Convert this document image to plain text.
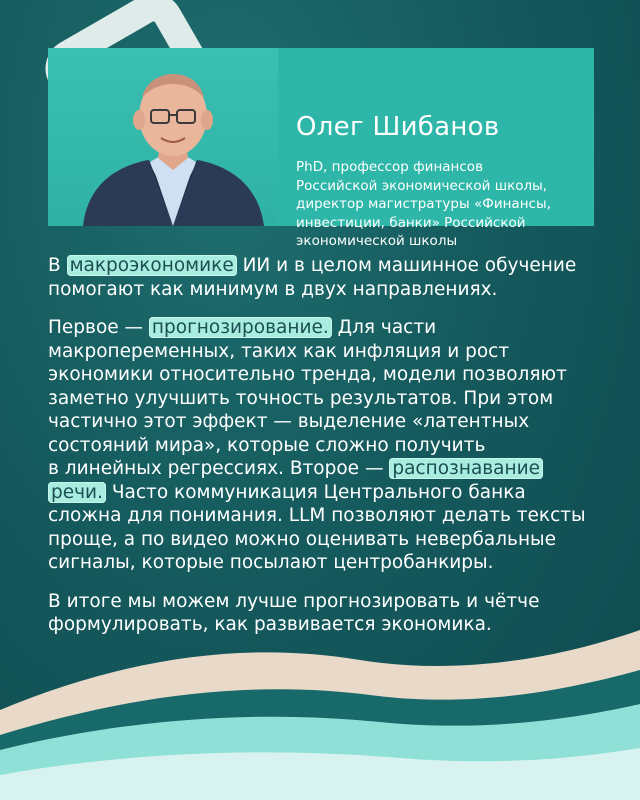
Олег Шибанов
PhD, профессор финансов
Российской экономической школы,
директор магистратуры «Финансы,
инвестиции, банки» Российской
экономической школы

В макроэкономике ИИ и в целом машинное обучение
помогают как минимум в двух направлениях.

Первое — прогнозирование. Для части
макропеременных, таких как инфляция и рост
экономики относительно тренда, модели позволяют
заметно улучшить точность результатов. При этом
частично этот эффект — выделение «латентных
состояний мира», которые сложно получить
в линейных регрессиях. Второе — распознавание
речи. Часто коммуникация Центрального банка
сложна для понимания. LLM позволяют делать тексты
проще, а по видео можно оценивать невербальные
сигналы, которые посылают центробанкиры.

В итоге мы можем лучше прогнозировать и чётче
формулировать, как развивается экономика.
